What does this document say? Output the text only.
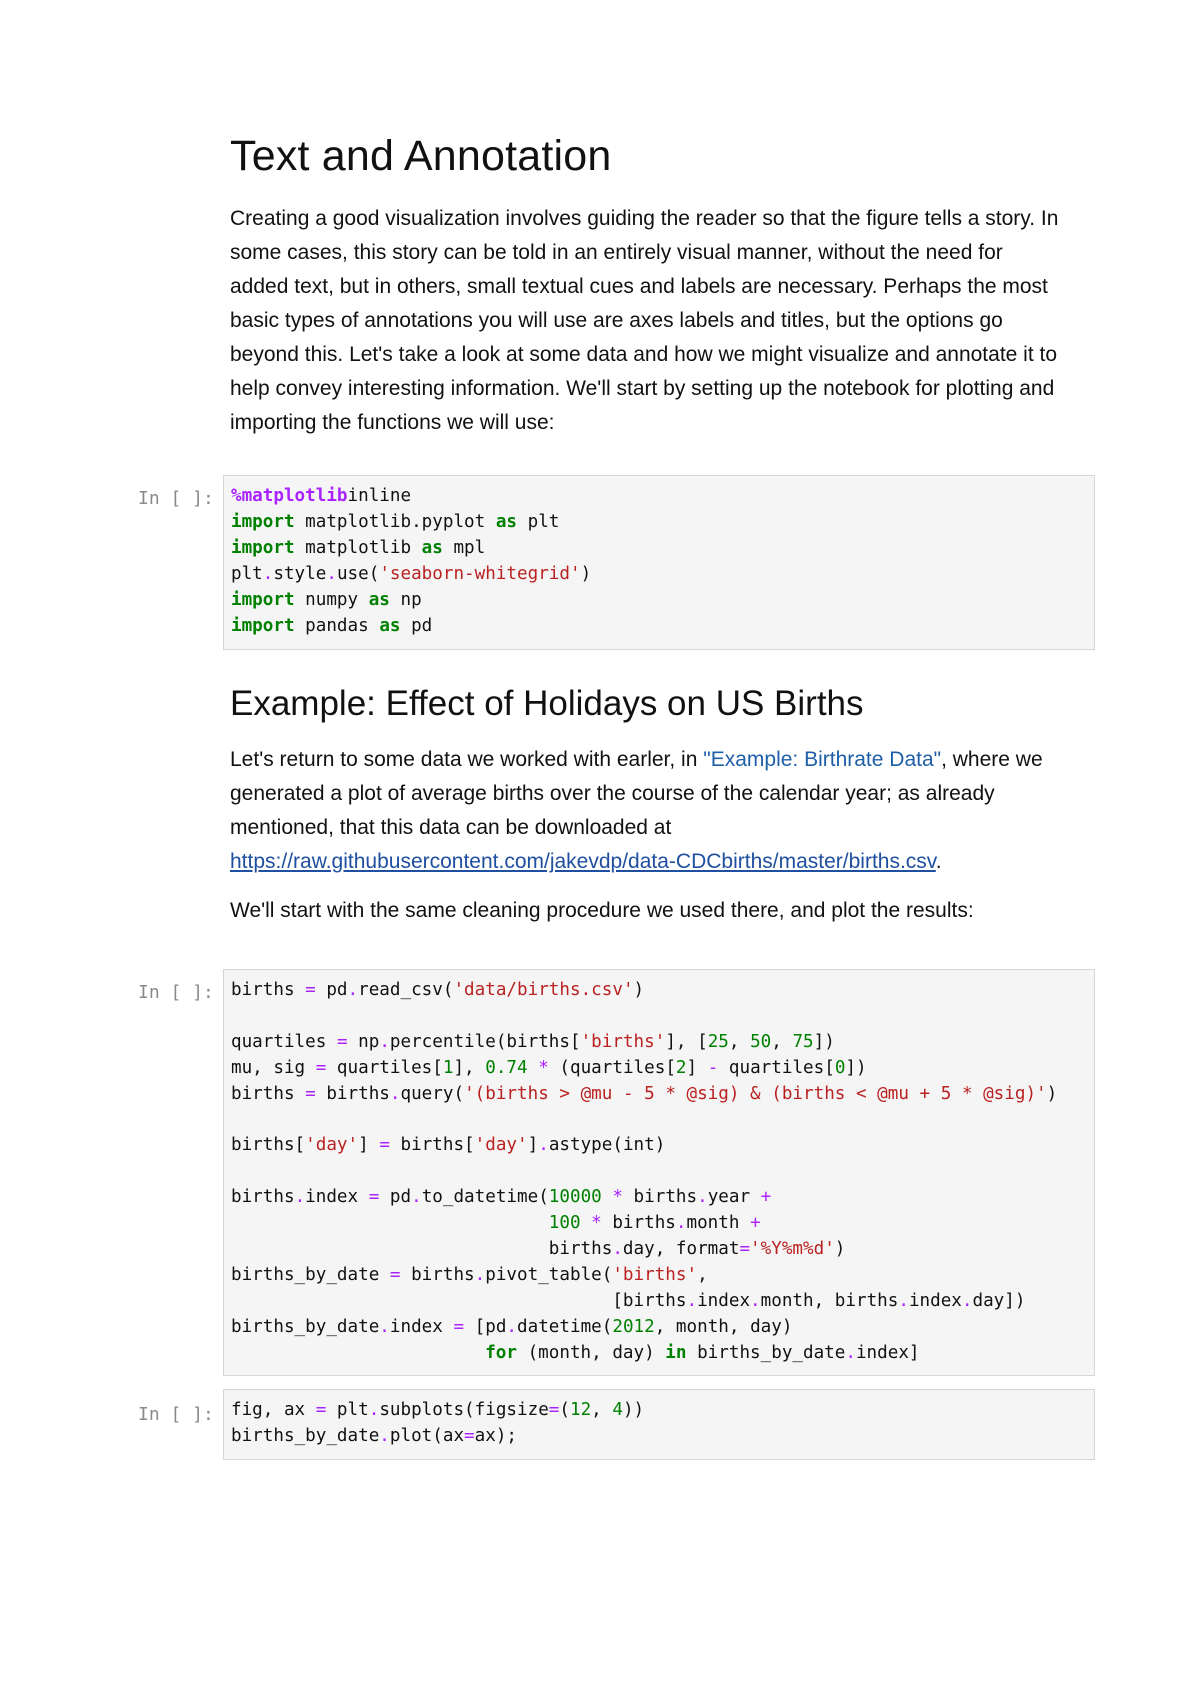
Text and Annotation

Creating a good visualization involves guiding the reader so that the figure tells a story. In some cases, this story can be told in an entirely visual manner, without the need for added text, but in others, small textual cues and labels are necessary. Perhaps the most basic types of annotations you will use are axes labels and titles, but the options go beyond this. Let's take a look at some data and how we might visualize and annotate it to help convey interesting information. We'll start by setting up the notebook for plotting and importing the functions we will use:

In [ ]: %matplotlibinline
import matplotlib.pyplot as plt
import matplotlib as mpl
plt.style.use('seaborn-whitegrid')
import numpy as np
import pandas as pd
Example: Effect of Holidays on US Births

Let's return to some data we worked with earler, in "Example: Birthrate Data", where we generated a plot of average births over the course of the calendar year; as already mentioned, that this data can be downloaded at https://raw.githubusercontent.com/jakevdp/data-CDCbirths/master/births.csv.

We'll start with the same cleaning procedure we used there, and plot the results:

In [ ]: births = pd.read_csv('data/births.csv')

quartiles = np.percentile(births['births'], [25, 50, 75])
mu, sig = quartiles[1], 0.74 * (quartiles[2] - quartiles[0])
births = births.query('(births > @mu - 5 * @sig) & (births < @mu + 5 * @sig)')

births['day'] = births['day'].astype(int)

births.index = pd.to_datetime(10000 * births.year +
100 * births.month +
births.day, format='%Y%m%d')
births_by_date = births.pivot_table('births',
[births.index.month, births.index.day])
births_by_date.index = [pd.datetime(2012, month, day)
for (month, day) in births_by_date.index]
In [ ]: fig, ax = plt.subplots(figsize=(12, 4))
births_by_date.plot(ax=ax);
